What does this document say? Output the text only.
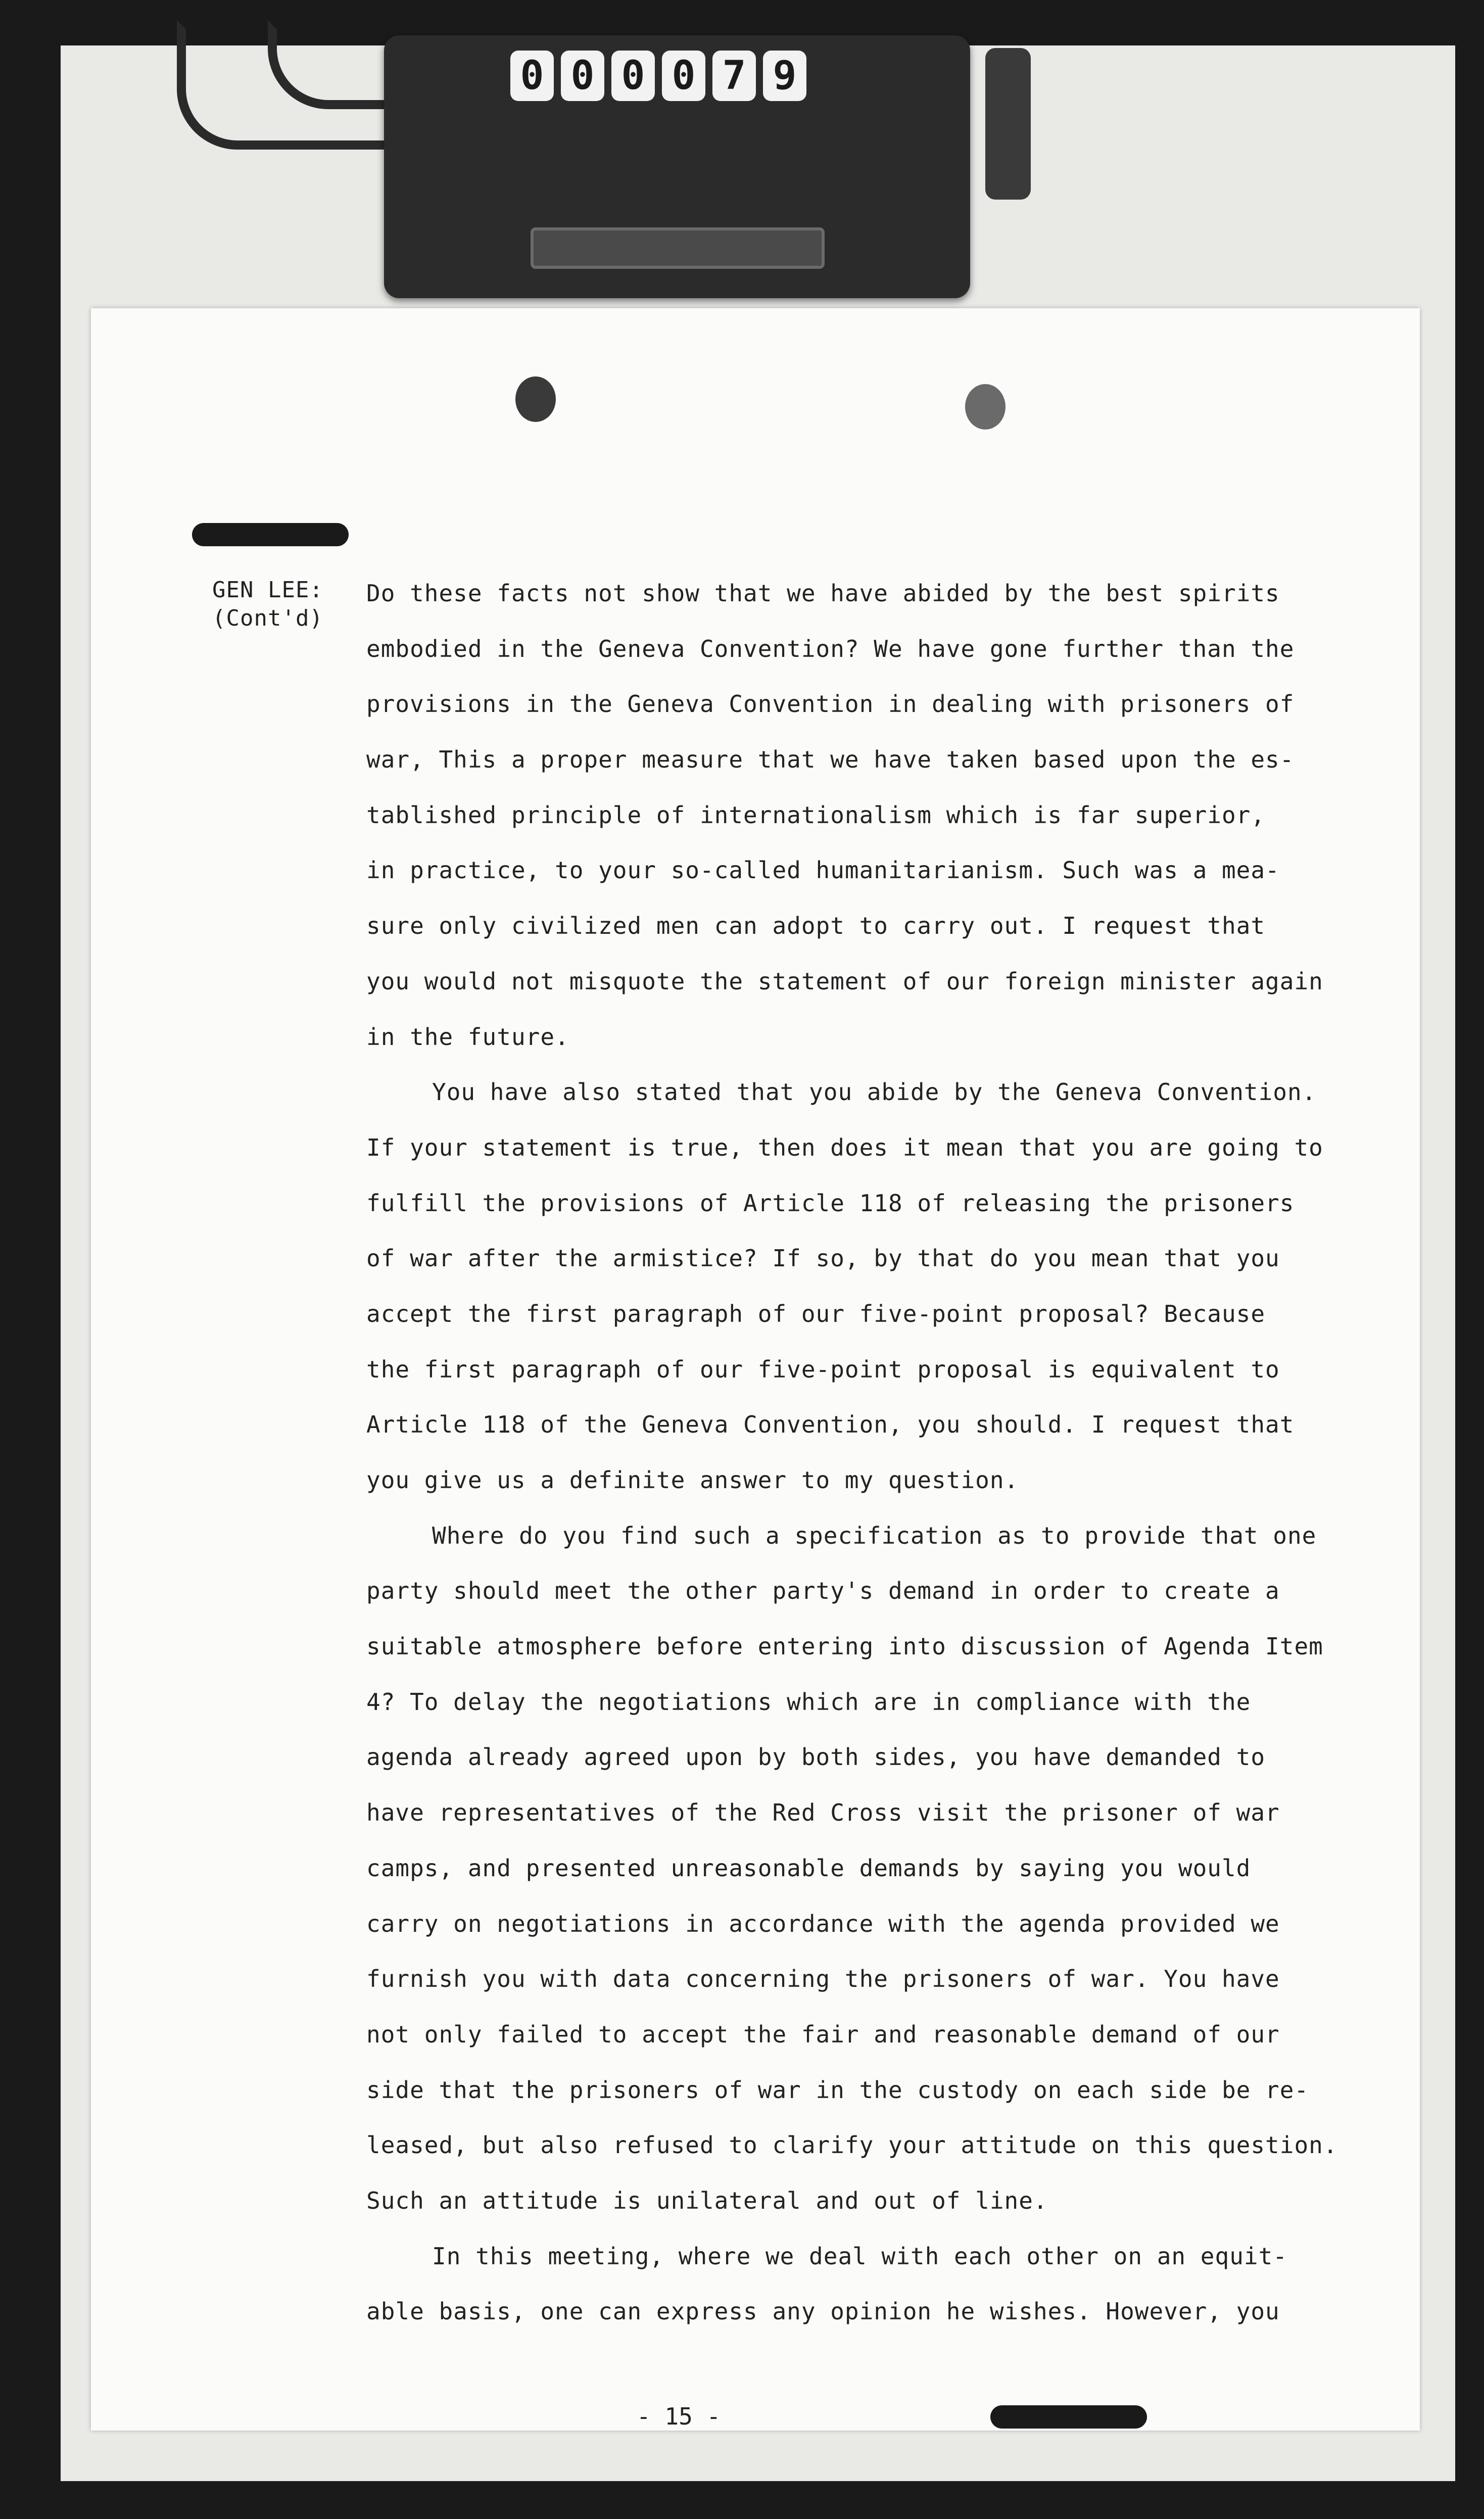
0 0 0 0 7 9
GEN LEE:
(Cont'd)
Do these facts not show that we have abided by the best spirits
embodied in the Geneva Convention? We have gone further than the
provisions in the Geneva Convention in dealing with prisoners of
war, This a proper measure that we have taken based upon the es-
tablished principle of internationalism which is far superior,
in practice, to your so-called humanitarianism. Such was a mea-
sure only civilized men can adopt to carry out. I request that
you would not misquote the statement of our foreign minister again
in the future.
You have also stated that you abide by the Geneva Convention.
If your statement is true, then does it mean that you are going to
fulfill the provisions of Article 118 of releasing the prisoners
of war after the armistice? If so, by that do you mean that you
accept the first paragraph of our five-point proposal? Because
the first paragraph of our five-point proposal is equivalent to
Article 118 of the Geneva Convention, you should. I request that
you give us a definite answer to my question.
Where do you find such a specification as to provide that one
party should meet the other party's demand in order to create a
suitable atmosphere before entering into discussion of Agenda Item
4? To delay the negotiations which are in compliance with the
agenda already agreed upon by both sides, you have demanded to
have representatives of the Red Cross visit the prisoner of war
camps, and presented unreasonable demands by saying you would
carry on negotiations in accordance with the agenda provided we
furnish you with data concerning the prisoners of war. You have
not only failed to accept the fair and reasonable demand of our
side that the prisoners of war in the custody on each side be re-
leased, but also refused to clarify your attitude on this question.
Such an attitude is unilateral and out of line.
In this meeting, where we deal with each other on an equit-
able basis, one can express any opinion he wishes. However, you
- 15 -
